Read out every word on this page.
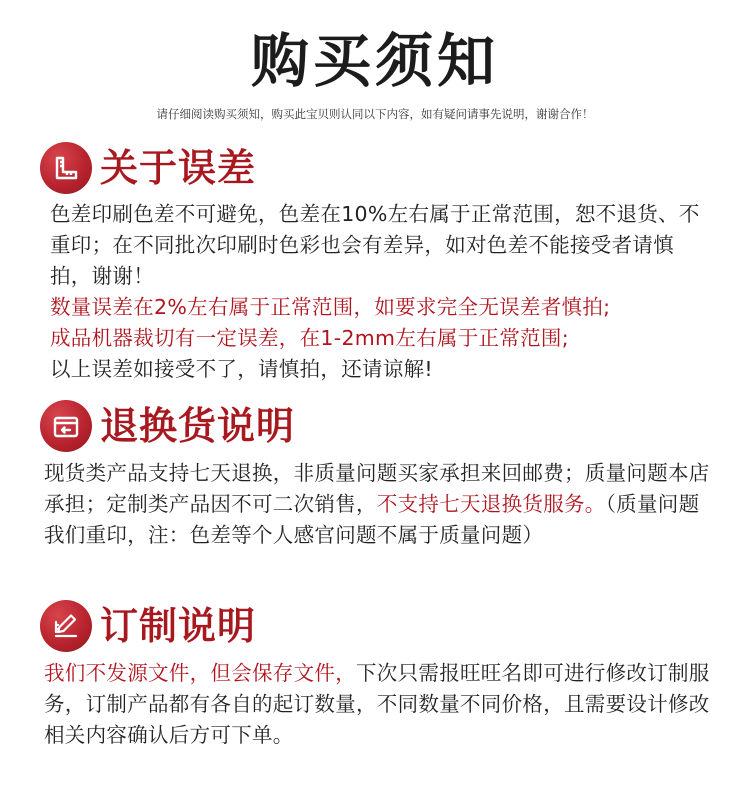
购买须知
请仔细阅读购买须知，购买此宝贝则认同以下内容，如有疑问请事先说明，谢谢合作！
关于误差

色差印刷色差不可避免，色差在10%左右属于正常范围，恕不退货、不重印；在不同批次印刷时色彩也会有差异，如对色差不能接受者请慎拍，谢谢！

数量误差在2%左右属于正常范围，如要求完全无误差者慎拍;

成品机器裁切有一定误差，在1-2mm左右属于正常范围;

以上误差如接受不了，请慎拍，还请谅解!

退换货说明

现货类产品支持七天退换，非质量问题买家承担来回邮费；质量问题本店承担；定制类产品因不可二次销售，不支持七天退换货服务。（质量问题我们重印，注：色差等个人感官问题不属于质量问题）

订制说明

我们不发源文件，但会保存文件，下次只需报旺旺名即可进行修改订制服务，订制产品都有各自的起订数量，不同数量不同价格，且需要设计修改相关内容确认后方可下单。
